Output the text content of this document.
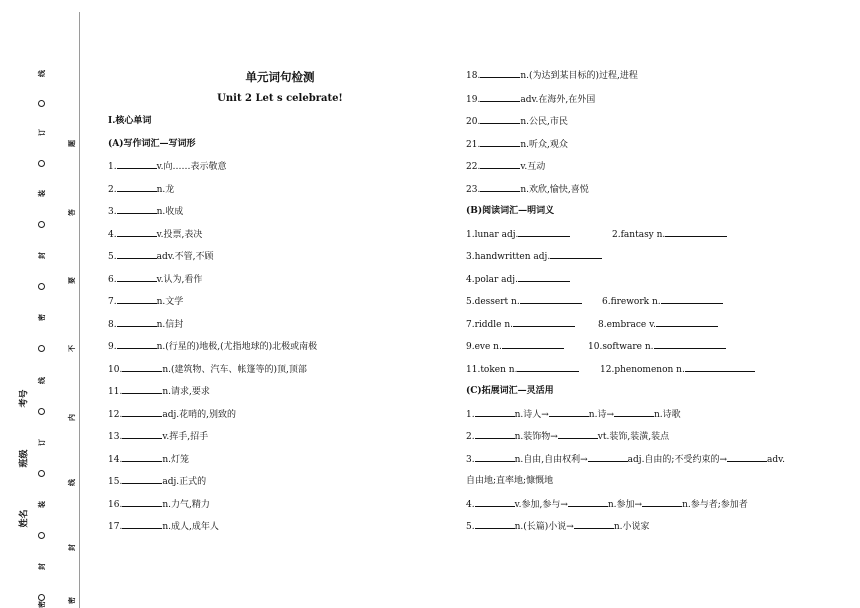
线
订
装
封
密
线
订
装
封
密
题
答
要
不
内
线
封
密
考号
班级
姓名
单元词句检测
Unit 2 Let s celebrate!
Ⅰ.核心单词
(A)写作词汇—写词形
1.	v.向……表示敬意
2.	n.龙
3.	n.收成
4.	v.投票,表决
5.	adv.不管,不顾
6.	v.认为,看作
7.	n.文学
8.	n.信封
9.	n.(行星的)地极,(尤指地球的)北极或南极
10.	n.(建筑物、汽车、帐篷等的)顶,顶部
11.	n.请求,要求
12.	adj.花哨的,别致的
13.	v.挥手,招手
14.	n.灯笼
15.	adj.正式的
16.	n.力气,精力
17.	n.成人,成年人
18.	n.(为达到某目标的)过程,进程
19.	adv.在海外,在外国
20.	n.公民,市民
21.	n.听众,观众
22.	v.互动
23.	n.欢欣,愉快,喜悦
(B)阅读词汇—明词义
1.lunar adj.	2.fantasy n.
3.handwritten adj.
4.polar adj.
5.dessert n.	6.firework n.
7.riddle n.	8.embrace v.
9.eve n.	10.software n.
11.token n.	12.phenomenon n.
(C)拓展词汇—灵活用
1.	n.诗人→	n.诗→	n.诗歌
2.	n.装饰物→	vt.装饰,装潢,装点
3.	n.自由,自由权利→	adj.自由的;不受约束的→	adv.
自由地;直率地;慷慨地
4.	v.参加,参与→	n.参加→	n.参与者;参加者
5.	n.(长篇)小说→	n.小说家
